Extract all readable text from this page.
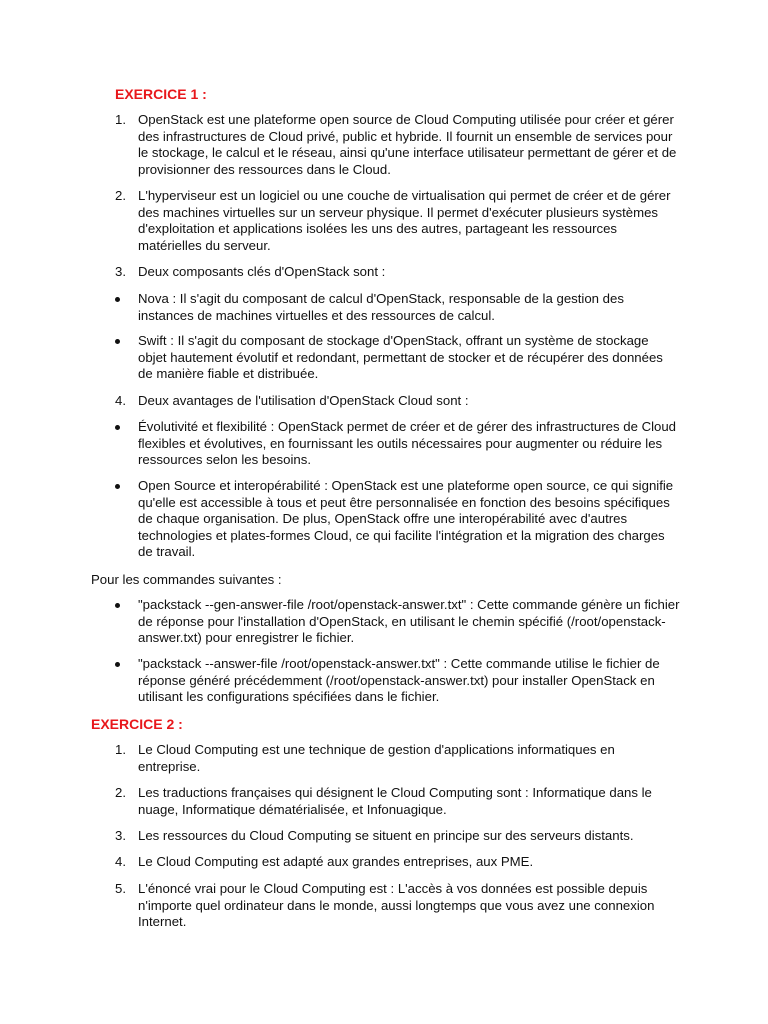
EXERCICE 1 :
1. OpenStack est une plateforme open source de Cloud Computing utilisée pour créer et gérer des infrastructures de Cloud privé, public et hybride. Il fournit un ensemble de services pour le stockage, le calcul et le réseau, ainsi qu'une interface utilisateur permettant de gérer et de provisionner des ressources dans le Cloud.
2. L'hyperviseur est un logiciel ou une couche de virtualisation qui permet de créer et de gérer des machines virtuelles sur un serveur physique. Il permet d'exécuter plusieurs systèmes d'exploitation et applications isolées les uns des autres, partageant les ressources matérielles du serveur.
3. Deux composants clés d'OpenStack sont :
Nova : Il s'agit du composant de calcul d'OpenStack, responsable de la gestion des instances de machines virtuelles et des ressources de calcul.
Swift : Il s'agit du composant de stockage d'OpenStack, offrant un système de stockage objet hautement évolutif et redondant, permettant de stocker et de récupérer des données de manière fiable et distribuée.
4. Deux avantages de l'utilisation d'OpenStack Cloud sont :
Évolutivité et flexibilité : OpenStack permet de créer et de gérer des infrastructures de Cloud flexibles et évolutives, en fournissant les outils nécessaires pour augmenter ou réduire les ressources selon les besoins.
Open Source et interopérabilité : OpenStack est une plateforme open source, ce qui signifie qu'elle est accessible à tous et peut être personnalisée en fonction des besoins spécifiques de chaque organisation. De plus, OpenStack offre une interopérabilité avec d'autres technologies et plates-formes Cloud, ce qui facilite l'intégration et la migration des charges de travail.
Pour les commandes suivantes :
"packstack --gen-answer-file /root/openstack-answer.txt" : Cette commande génère un fichier de réponse pour l'installation d'OpenStack, en utilisant le chemin spécifié (/root/openstack-answer.txt) pour enregistrer le fichier.
"packstack --answer-file /root/openstack-answer.txt" : Cette commande utilise le fichier de réponse généré précédemment (/root/openstack-answer.txt) pour installer OpenStack en utilisant les configurations spécifiées dans le fichier.
EXERCICE 2 :
1. Le Cloud Computing est une technique de gestion d'applications informatiques en entreprise.
2. Les traductions françaises qui désignent le Cloud Computing sont : Informatique dans le nuage, Informatique dématérialisée, et Infonuagique.
3. Les ressources du Cloud Computing se situent en principe sur des serveurs distants.
4. Le Cloud Computing est adapté aux grandes entreprises, aux PME.
5. L'énoncé vrai pour le Cloud Computing est : L'accès à vos données est possible depuis n'importe quel ordinateur dans le monde, aussi longtemps que vous avez une connexion Internet.
